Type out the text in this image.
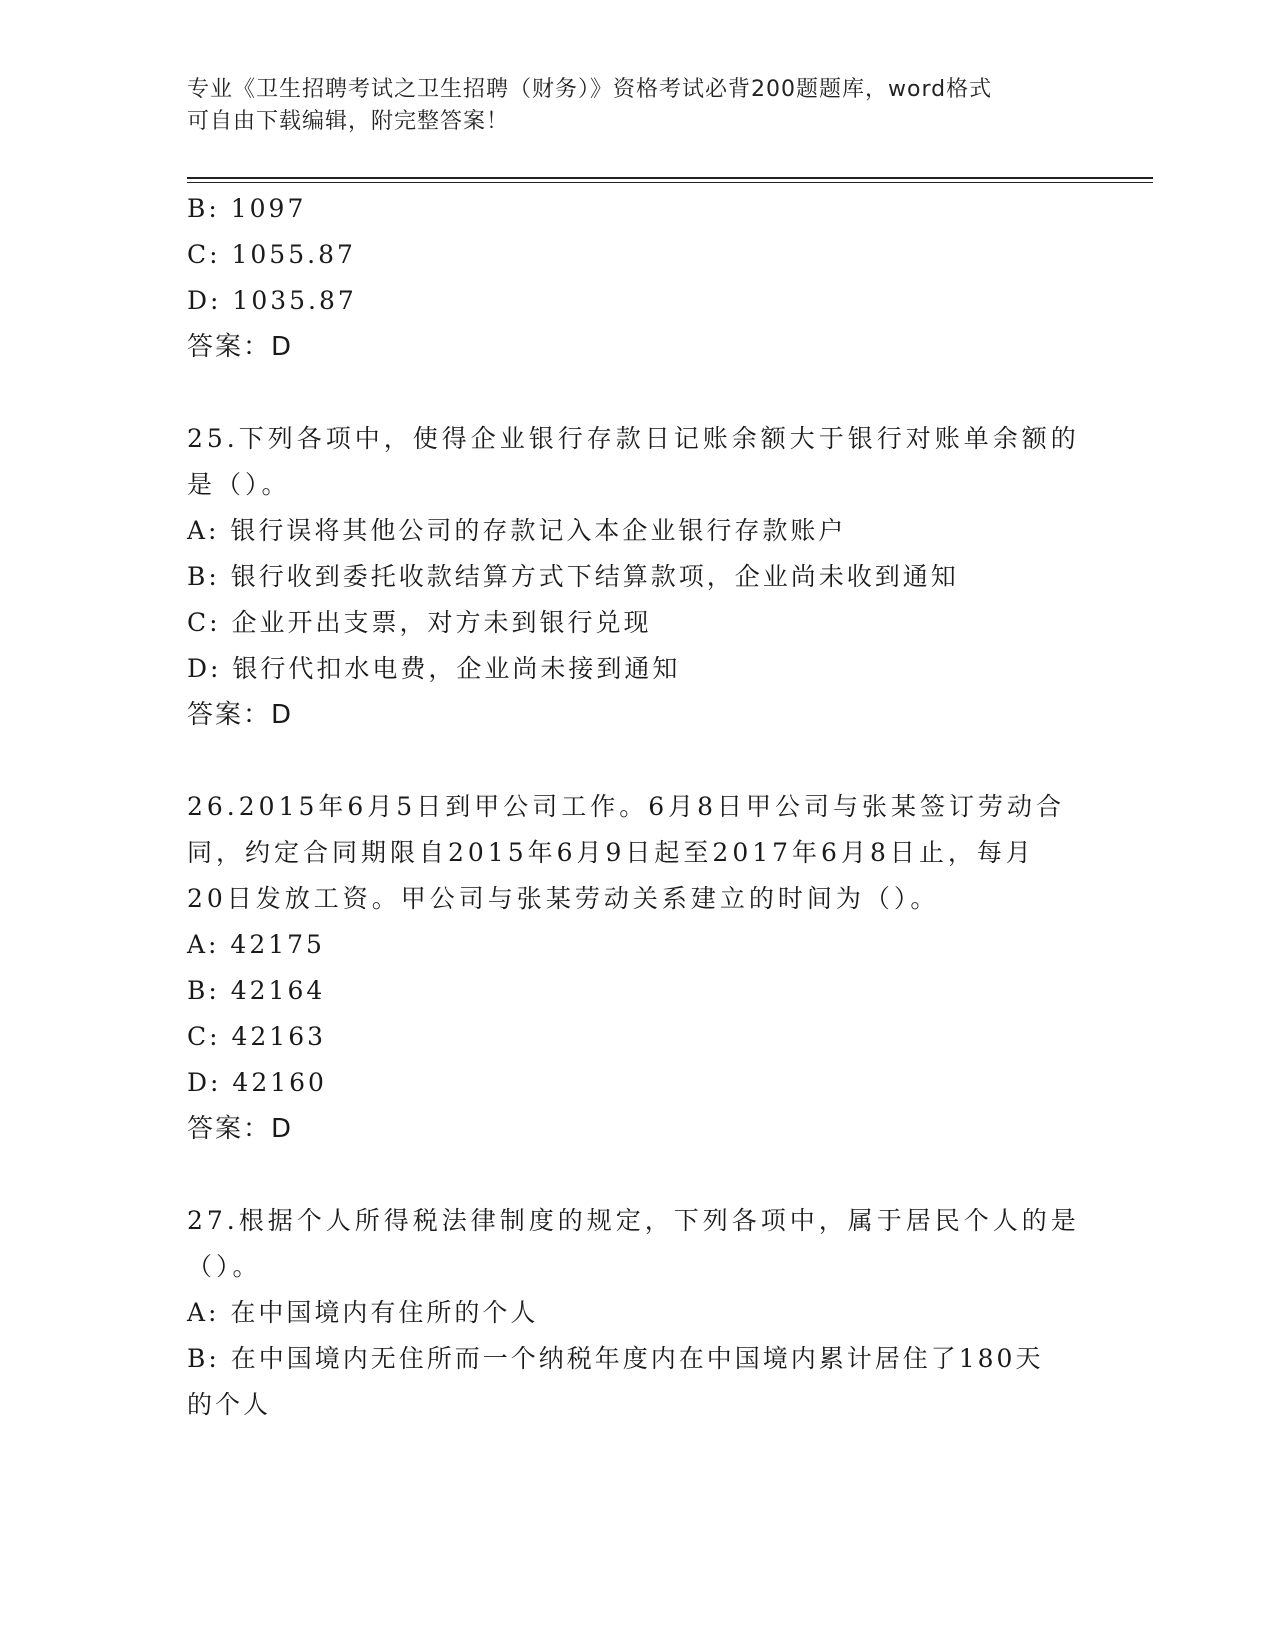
专业《卫生招聘考试之卫生招聘（财务）》资格考试必背200题题库，word格式
可自由下载编辑，附完整答案！
B: 1097
C: 1055.87
D: 1035.87
答案：D
25.下列各项中，使得企业银行存款日记账余额大于银行对账单余额的
是（）。
A: 银行误将其他公司的存款记入本企业银行存款账户
B: 银行收到委托收款结算方式下结算款项，企业尚未收到通知
C: 企业开出支票，对方未到银行兑现
D: 银行代扣水电费，企业尚未接到通知
答案：D
26.2015年6月5日到甲公司工作。6月8日甲公司与张某签订劳动合
同，约定合同期限自2015年6月9日起至2017年6月8日止，每月
20日发放工资。甲公司与张某劳动关系建立的时间为（）。
A: 42175
B: 42164
C: 42163
D: 42160
答案：D
27.根据个人所得税法律制度的规定，下列各项中，属于居民个人的是
（）。
A: 在中国境内有住所的个人
B: 在中国境内无住所而一个纳税年度内在中国境内累计居住了180天
的个人
